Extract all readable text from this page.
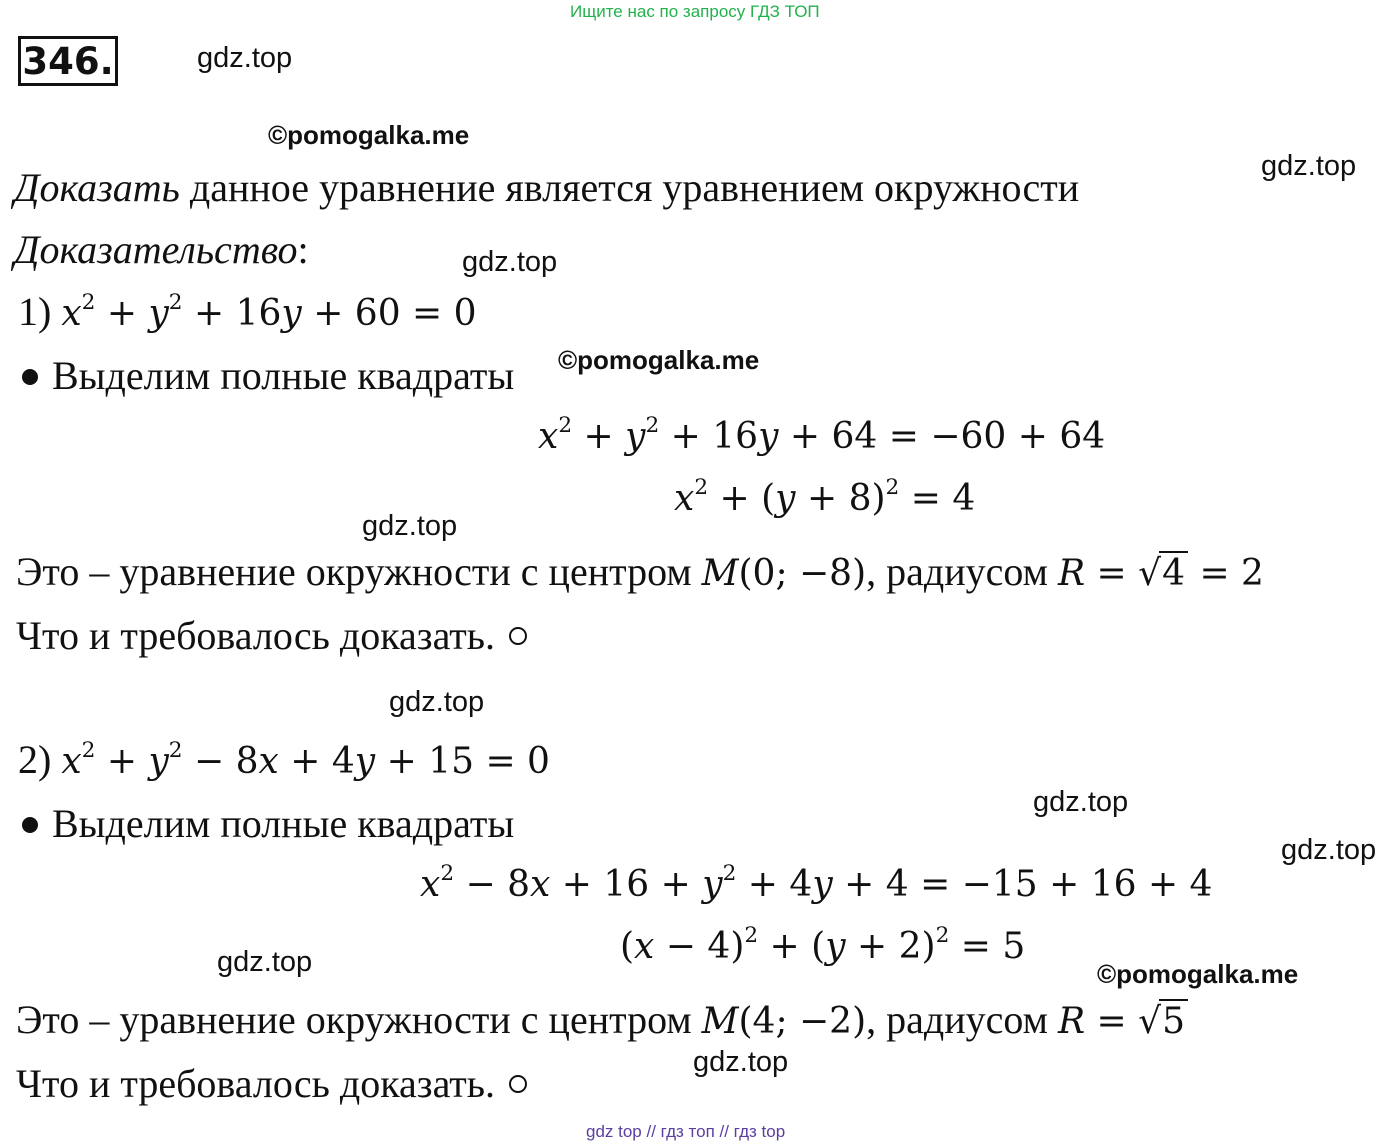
Ищите нас по запросу ГДЗ ТОП
346.	gdz.top
©pomogalka.me
gdz.top
gdz.top
©pomogalka.me
gdz.top
gdz.top
gdz.top
gdz.top
gdz.top	©pomogalka.me
gdz.top
Доказать данное уравнение является уравнением окружности
Доказательство:
1) $x^2 + y^2 + 16y + 60 = 0$
Выделим полные квадраты
$x^2 + y^2 + 16y + 64 = -60 + 64$
$x^2 + (y + 8)^2 = 4$
Это – уравнение окружности с центром M(0; −8), радиусом R = √4 = 2
Что и требовалось доказать.
2) $x^2 + y^2 - 8x + 4y + 15 = 0$
Выделим полные квадраты
$x^2 - 8x + 16 + y^2 + 4y + 4 = -15 + 16 + 4$
$(x - 4)^2 + (y + 2)^2 = 5$
Это – уравнение окружности с центром M(4; −2), радиусом R = √5
Что и требовалось доказать.
gdz top // гдз топ // гдз top
